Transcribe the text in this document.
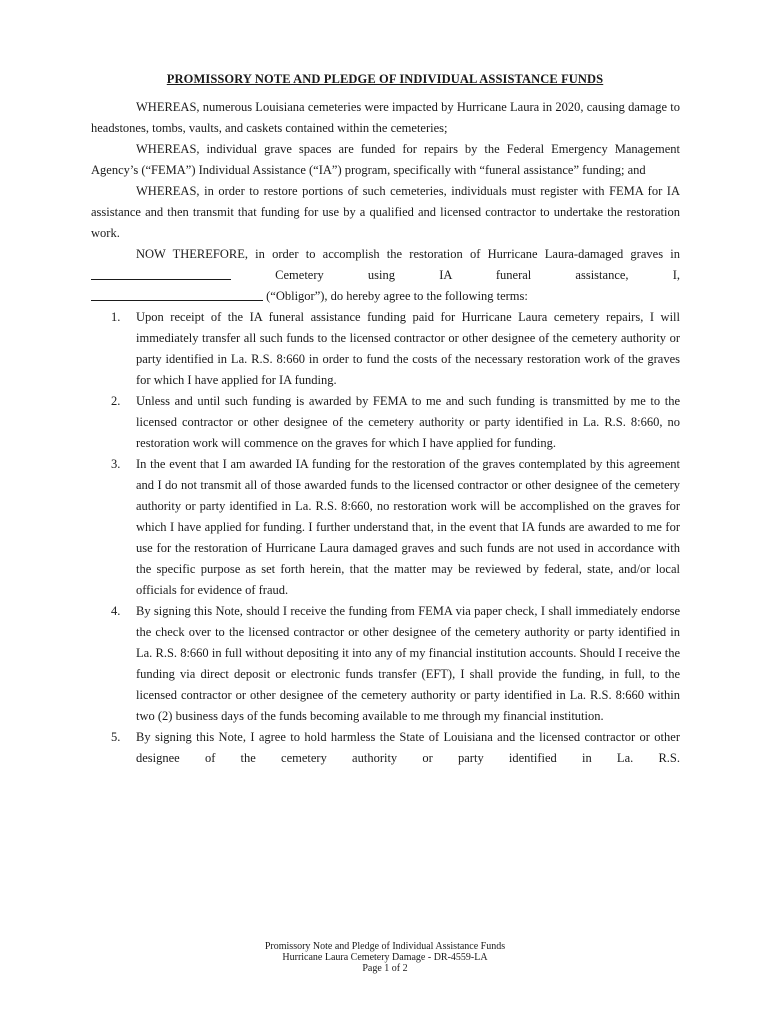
PROMISSORY NOTE AND PLEDGE OF INDIVIDUAL ASSISTANCE FUNDS

WHEREAS, numerous Louisiana cemeteries were impacted by Hurricane Laura in 2020, causing damage to headstones, tombs, vaults, and caskets contained within the cemeteries;

WHEREAS, individual grave spaces are funded for repairs by the Federal Emergency Management Agency’s (“FEMA”) Individual Assistance (“IA”) program, specifically with “funeral assistance” funding; and

WHEREAS, in order to restore portions of such cemeteries, individuals must register with FEMA for IA assistance and then transmit that funding for use by a qualified and licensed contractor to undertake the restoration work.

NOW THEREFORE, in order to accomplish the restoration of Hurricane Laura-damaged graves in  Cemetery using IA funeral assistance, I,

(“Obligor”), do hereby agree to the following terms:

1. Upon receipt of the IA funeral assistance funding paid for Hurricane Laura cemetery repairs, I will immediately transfer all such funds to the licensed contractor or other designee of the cemetery authority or party identified in La. R.S. 8:660 in order to fund the costs of the necessary restoration work of the graves for which I have applied for IA funding.
2. Unless and until such funding is awarded by FEMA to me and such funding is transmitted by me to the licensed contractor or other designee of the cemetery authority or party identified in La. R.S. 8:660, no restoration work will commence on the graves for which I have applied for funding.
3. In the event that I am awarded IA funding for the restoration of the graves contemplated by this agreement and I do not transmit all of those awarded funds to the licensed contractor or other designee of the cemetery authority or party identified in La. R.S. 8:660, no restoration work will be accomplished on the graves for which I have applied for funding. I further understand that, in the event that IA funds are awarded to me for use for the restoration of Hurricane Laura damaged graves and such funds are not used in accordance with the specific purpose as set forth herein, that the matter may be reviewed by federal, state, and/or local officials for evidence of fraud.
4. By signing this Note, should I receive the funding from FEMA via paper check, I shall immediately endorse the check over to the licensed contractor or other designee of the cemetery authority or party identified in La. R.S. 8:660 in full without depositing it into any of my financial institution accounts. Should I receive the funding via direct deposit or electronic funds transfer (EFT), I shall provide the funding, in full, to the licensed contractor or other designee of the cemetery authority or party identified in La. R.S. 8:660 within two (2) business days of the funds becoming available to me through my financial institution.
5. By signing this Note, I agree to hold harmless the State of Louisiana and the licensed contractor or other designee of the cemetery authority or party identified in La. R.S.
Promissory Note and Pledge of Individual Assistance Funds
Hurricane Laura Cemetery Damage - DR-4559-LA
Page 1 of 2
